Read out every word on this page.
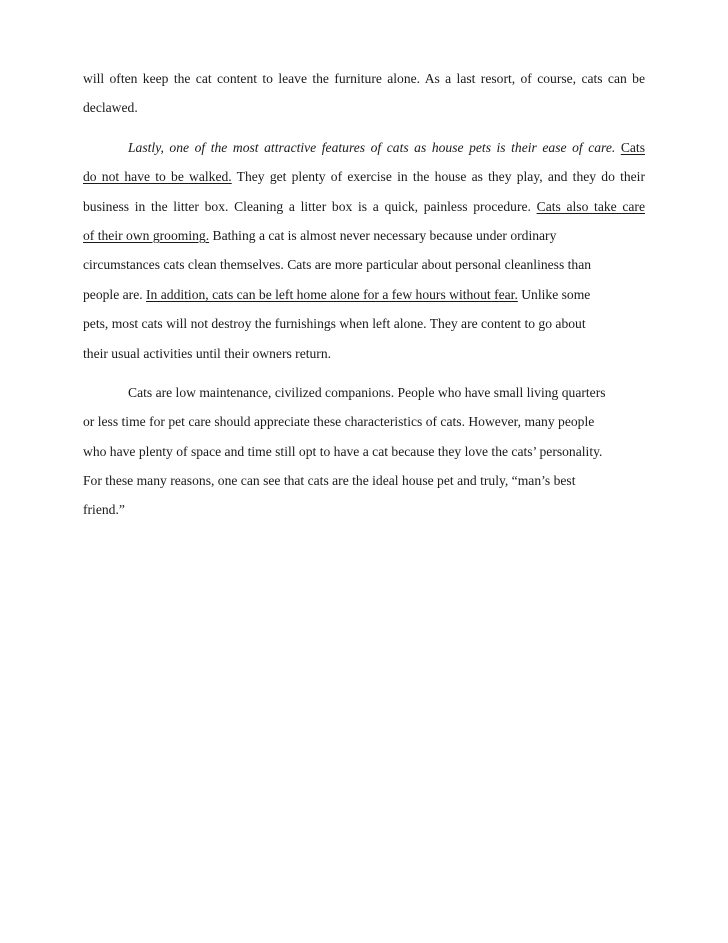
will often keep the cat content to leave the furniture alone. As a last resort, of course, cats can be
declawed.
Lastly, one of the most attractive features of cats as house pets is their ease of care. Cats
do not have to be walked. They get plenty of exercise in the house as they play, and they do their
business in the litter box. Cleaning a litter box is a quick, painless procedure. Cats also take care
of their own grooming. Bathing a cat is almost never necessary because under ordinary
circumstances cats clean themselves. Cats are more particular about personal cleanliness than
people are. In addition, cats can be left home alone for a few hours without fear. Unlike some
pets, most cats will not destroy the furnishings when left alone. They are content to go about
their usual activities until their owners return.
Cats are low maintenance, civilized companions. People who have small living quarters
or less time for pet care should appreciate these characteristics of cats. However, many people
who have plenty of space and time still opt to have a cat because they love the cats’ personality.
For these many reasons, one can see that cats are the ideal house pet and truly, “man’s best
friend.”
